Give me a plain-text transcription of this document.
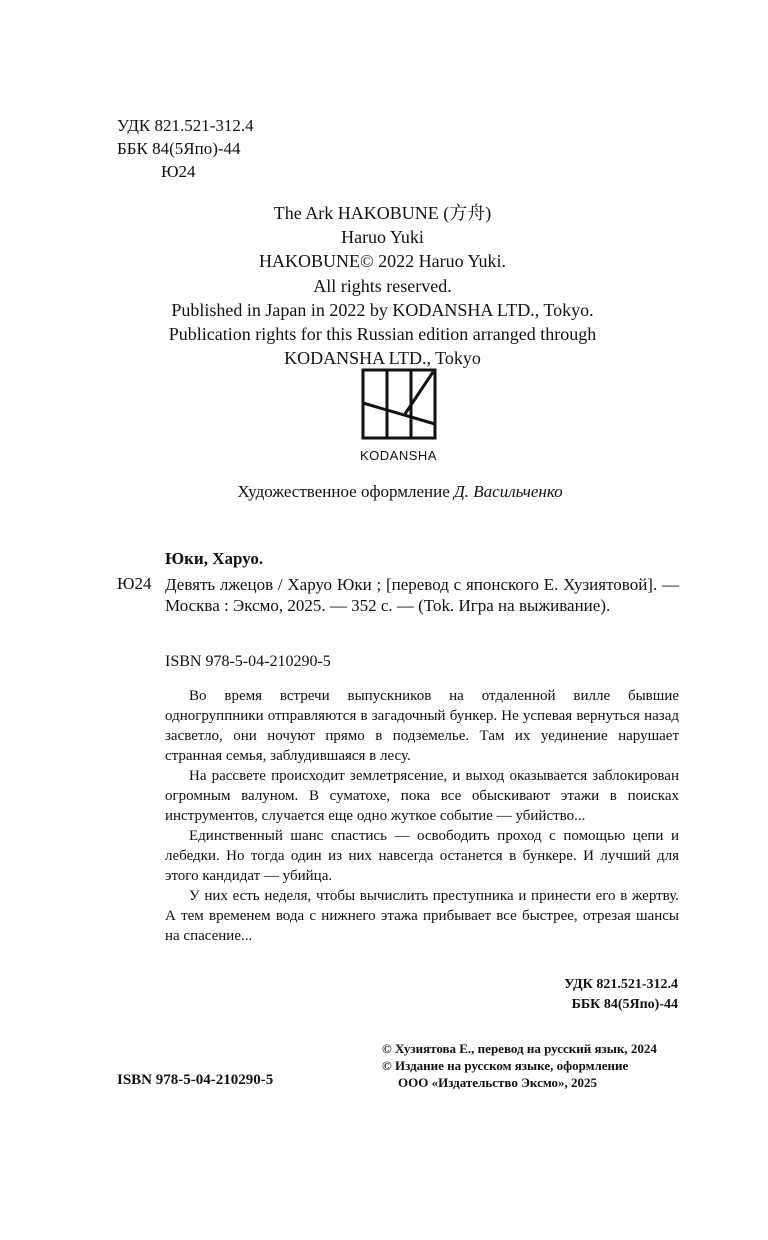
УДК 821.521-312.4
ББК 84(5Япо)-44
Ю24
The Ark HAKOBUNE (方舟)
Haruo Yuki
HAKOBUNE© 2022 Haruo Yuki.
All rights reserved.
Published in Japan in 2022 by KODANSHA LTD., Tokyo.
Publication rights for this Russian edition arranged through
KODANSHA LTD., Tokyo
KODANSHA
Художественное оформление Д. Васильченко
Юки, Харуо.
Ю24 Девять лжецов / Харуо Юки ; [перевод с японского Е. Хузиятовой]. — Москва : Эксмо, 2025. — 352 с. — (Tok. Игра на выживание).
ISBN 978-5-04-210290-5

Во время встречи выпускников на отдаленной вилле бывшие одногруппники отправляются в загадочный бункер. Не успевая вернуться назад засветло, они ночуют прямо в подземелье. Там их уединение нарушает странная семья, заблудившаяся в лесу.

На рассвете происходит землетрясение, и выход оказывается заблокирован огромным валуном. В суматохе, пока все обыскивают этажи в поисках инструментов, случается еще одно жуткое событие — убийство...

Единственный шанс спастись — освободить проход с помощью цепи и лебедки. Но тогда один из них навсегда останется в бункере. И лучший для этого кандидат — убийца.

У них есть неделя, чтобы вычислить преступника и принести его в жертву. А тем временем вода с нижнего этажа прибывает все быстрее, отрезая шансы на спасение...

УДК 821.521-312.4
ББК 84(5Япо)-44
© Хузиятова Е., перевод на русский язык, 2024
© Издание на русском языке, оформление
ООО «Издательство Эксмо», 2025
ISBN 978-5-04-210290-5
